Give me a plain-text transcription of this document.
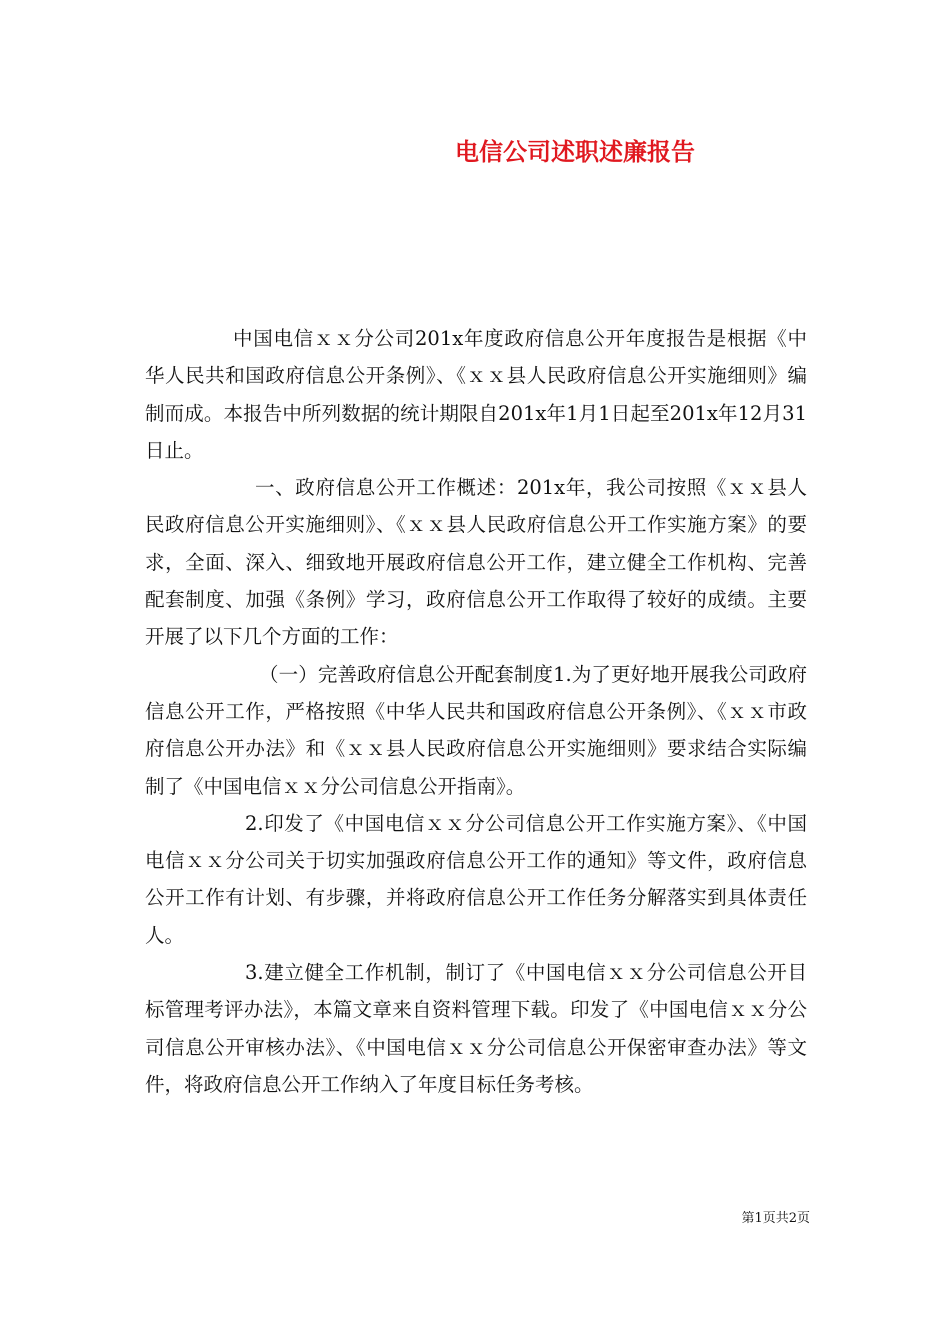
电信公司述职述廉报告

中国电信ｘｘ分公司201x年度政府信息公开年度报告是根据《中华人民共和国政府信息公开条例》、《ｘｘ县人民政府信息公开实施细则》编制而成。本报告中所列数据的统计期限自201x年1月1日起至201x年12月31日止。

一、政府信息公开工作概述：201x年，我公司按照《ｘｘ县人民政府信息公开实施细则》、《ｘｘ县人民政府信息公开工作实施方案》的要求，全面、深入、细致地开展政府信息公开工作，建立健全工作机构、完善配套制度、加强《条例》学习，政府信息公开工作取得了较好的成绩。主要开展了以下几个方面的工作：

（一）完善政府信息公开配套制度1.为了更好地开展我公司政府信息公开工作，严格按照《中华人民共和国政府信息公开条例》、《ｘｘ市政府信息公开办法》和《ｘｘ县人民政府信息公开实施细则》要求结合实际编制了《中国电信ｘｘ分公司信息公开指南》。

2.印发了《中国电信ｘｘ分公司信息公开工作实施方案》、《中国电信ｘｘ分公司关于切实加强政府信息公开工作的通知》等文件，政府信息公开工作有计划、有步骤，并将政府信息公开工作任务分解落实到具体责任人。

3.建立健全工作机制，制订了《中国电信ｘｘ分公司信息公开目标管理考评办法》，本篇文章来自资料管理下载。印发了《中国电信ｘｘ分公司信息公开审核办法》、《中国电信ｘｘ分公司信息公开保密审查办法》等文件，将政府信息公开工作纳入了年度目标任务考核。

第1页共2页
